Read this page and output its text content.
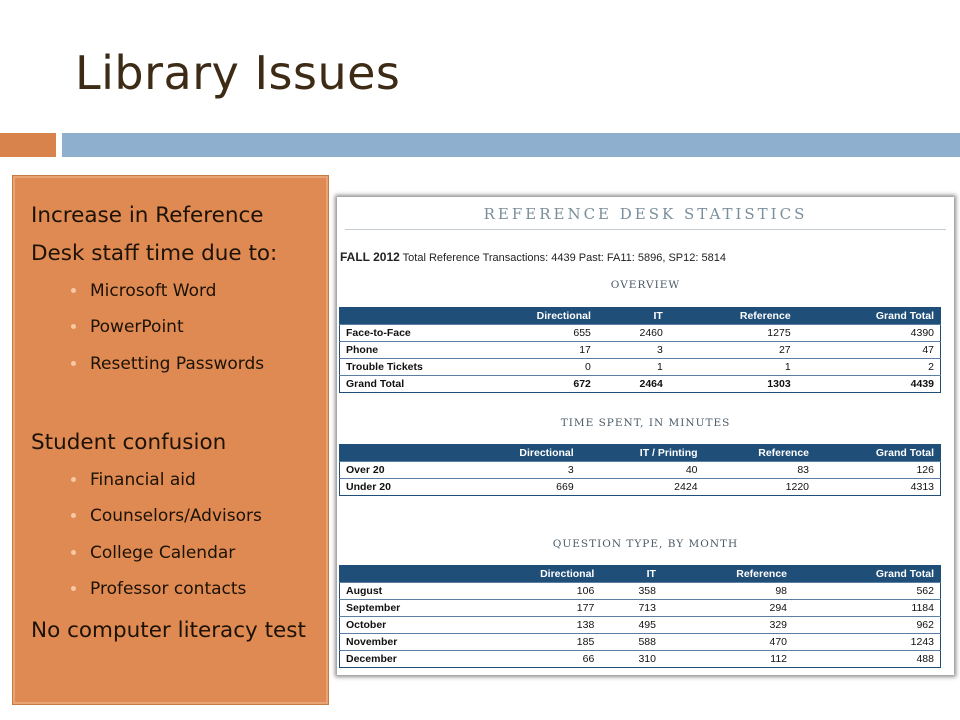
Library Issues
Increase in Reference Desk staff time due to:
Microsoft Word
PowerPoint
Resetting Passwords
Student confusion
Financial aid
Counselors/Advisors
College Calendar
Professor contacts
No computer literacy test
REFERENCE DESK STATISTICS
FALL 2012 Total Reference Transactions: 4439 Past: FA11: 5896, SP12: 5814
OVERVIEW
	Directional	IT	Reference	Grand Total
Face-to-Face	655	2460	1275	4390
Phone	17	3	27	47
Trouble Tickets	0	1	1	2
Grand Total	672	2464	1303	4439
TIME SPENT, IN MINUTES
	Directional	IT / Printing	Reference	Grand Total
Over 20	3	40	83	126
Under 20	669	2424	1220	4313
QUESTION TYPE, BY MONTH
	Directional	IT	Reference	Grand Total
August	106	358	98	562
September	177	713	294	1184
October	138	495	329	962
November	185	588	470	1243
December	66	310	112	488
